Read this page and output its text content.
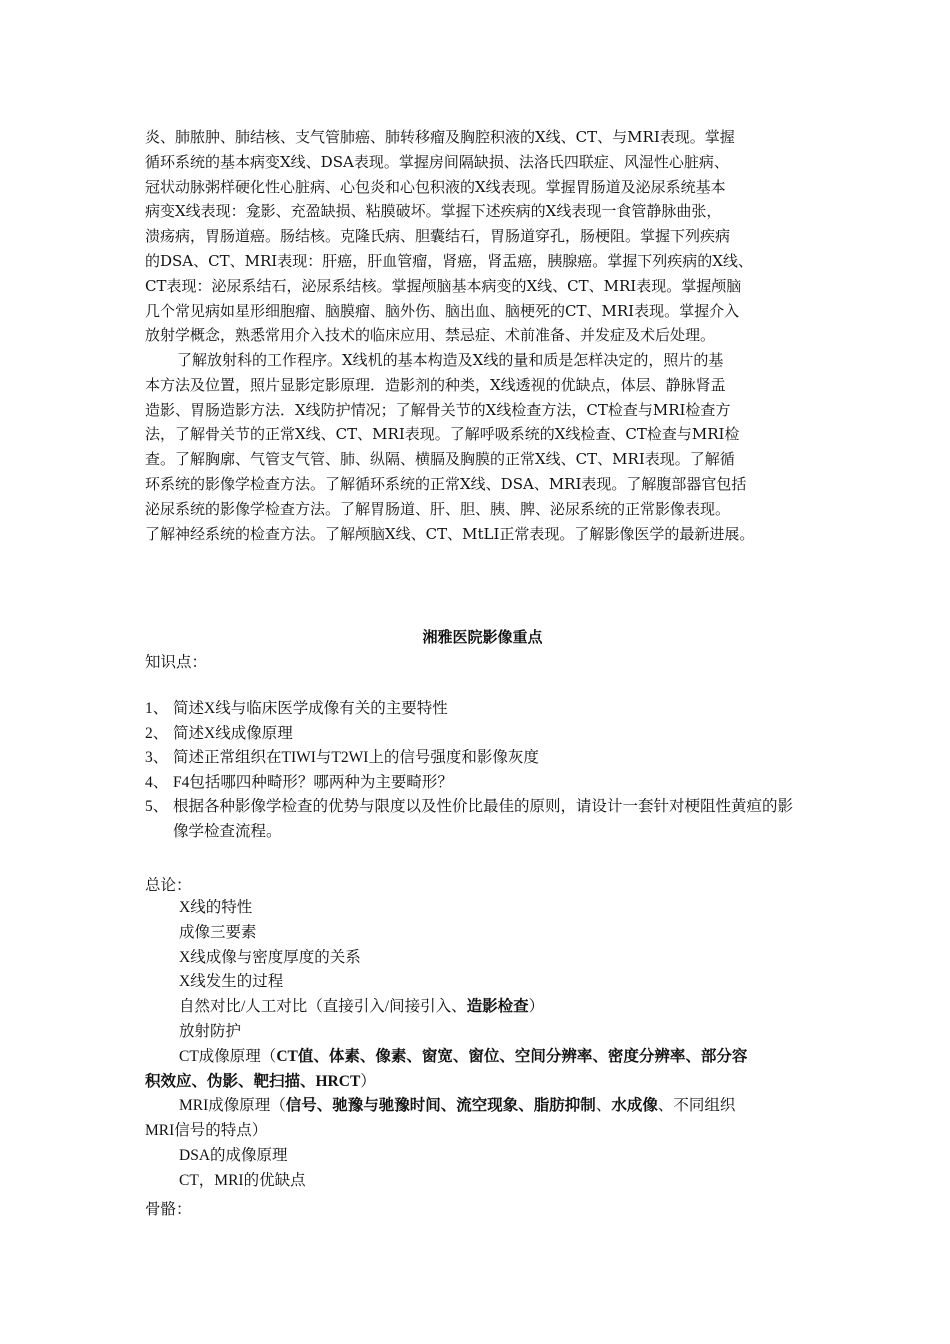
炎、肺脓肿、肺结核、支气管肺癌、肺转移瘤及胸腔积液的X线、CT、与MRI表现。掌握
循环系统的基本病变X线、DSA表现。掌握房间隔缺损、法洛氏四联症、风湿性心脏病、
冠状动脉粥样硬化性心脏病、心包炎和心包积液的X线表现。掌握胃肠道及泌尿系统基本
病变X线表现：龛影、充盈缺损、粘膜破坏。掌握下述疾病的X线表现一食管静脉曲张，
溃疡病，胃肠道癌。肠结核。克隆氏病、胆囊结石，胃肠道穿孔，肠梗阻。掌握下列疾病
的DSA、CT、MRI表现：肝癌，肝血管瘤，肾癌，肾盂癌，胰腺癌。掌握下列疾病的X线、
CT表现：泌尿系结石，泌尿系结核。掌握颅脑基本病变的X线、CT、MRI表现。掌握颅脑
几个常见病如星形细胞瘤、脑膜瘤、脑外伤、脑出血、脑梗死的CT、MRI表现。掌握介入
放射学概念，熟悉常用介入技术的临床应用、禁忌症、术前准备、并发症及术后处理。
了解放射科的工作程序。X线机的基本构造及X线的量和质是怎样决定的，照片的基
本方法及位置，照片显影定影原理．造影剂的种类，X线透视的优缺点，体层、静脉肾盂
造影、胃肠造影方法．X线防护情况；了解骨关节的X线检查方法，CT检查与MRI检查方
法，了解骨关节的正常X线、CT、MRI表现。了解呼吸系统的X线检查、CT检查与MRI检
查。了解胸廓、气管支气管、肺、纵隔、横膈及胸膜的正常X线、CT、MRI表现。了解循
环系统的影像学检查方法。了解循环系统的正常X线、DSA、MRI表现。了解腹部器官包括
泌尿系统的影像学检查方法。了解胃肠道、肝、胆、胰、脾、泌尿系统的正常影像表现。
了解神经系统的检查方法。了解颅脑X线、CT、MtLI正常表现。了解影像医学的最新进展。
湘雅医院影像重点
知识点：
1、 简述X线与临床医学成像有关的主要特性
2、 简述X线成像原理
3、 简述正常组织在TIWI与T2WI上的信号强度和影像灰度
4、 F4包括哪四种畸形？哪两种为主要畸形？
5、 根据各种影像学检查的优势与限度以及性价比最佳的原则，请设计一套针对梗阻性黄疸的影像学检查流程。
总论：
X线的特性
成像三要素
X线成像与密度厚度的关系
X线发生的过程
自然对比/人工对比（直接引入/间接引入、造影检查）
放射防护
CT成像原理（CT值、体素、像素、窗宽、窗位、空间分辨率、密度分辨率、部分容
积效应、伪影、靶扫描、HRCT）
MRI成像原理（信号、驰豫与驰豫时间、流空现象、脂肪抑制、水成像、不同组织
MRI信号的特点）
DSA的成像原理
CT，MRI的优缺点
骨骼：
